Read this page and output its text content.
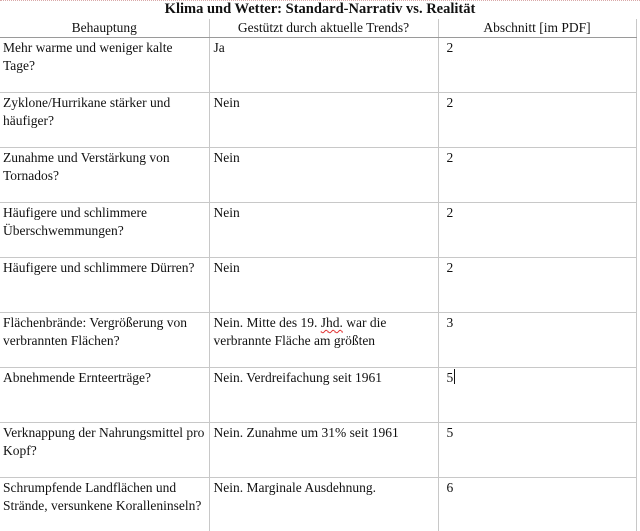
Klima und Wetter: Standard-Narrativ vs. Realität
Behauptung	Gestützt durch aktuelle Trends?	Abschnitt [im PDF]
Mehr warme und weniger kalte Tage?	Ja	2
Zyklone/Hurrikane stärker und häufiger?	Nein	2
Zunahme und Verstärkung von Tornados?	Nein	2
Häufigere und schlimmere Überschwemmungen?	Nein	2
Häufigere und schlimmere Dürren?	Nein	2
Flächenbrände: Vergrößerung von verbrannten Flächen?	Nein. Mitte des 19. Jhd. war die verbrannte Fläche am größten	3
Abnehmende Ernteerträge?	Nein. Verdreifachung seit 1961	5
Verknappung der Nahrungsmittel pro Kopf?	Nein. Zunahme um 31% seit 1961	5
Schrumpfende Landflächen und Strände, versunkene Koralleninseln?	Nein. Marginale Ausdehnung.	6
